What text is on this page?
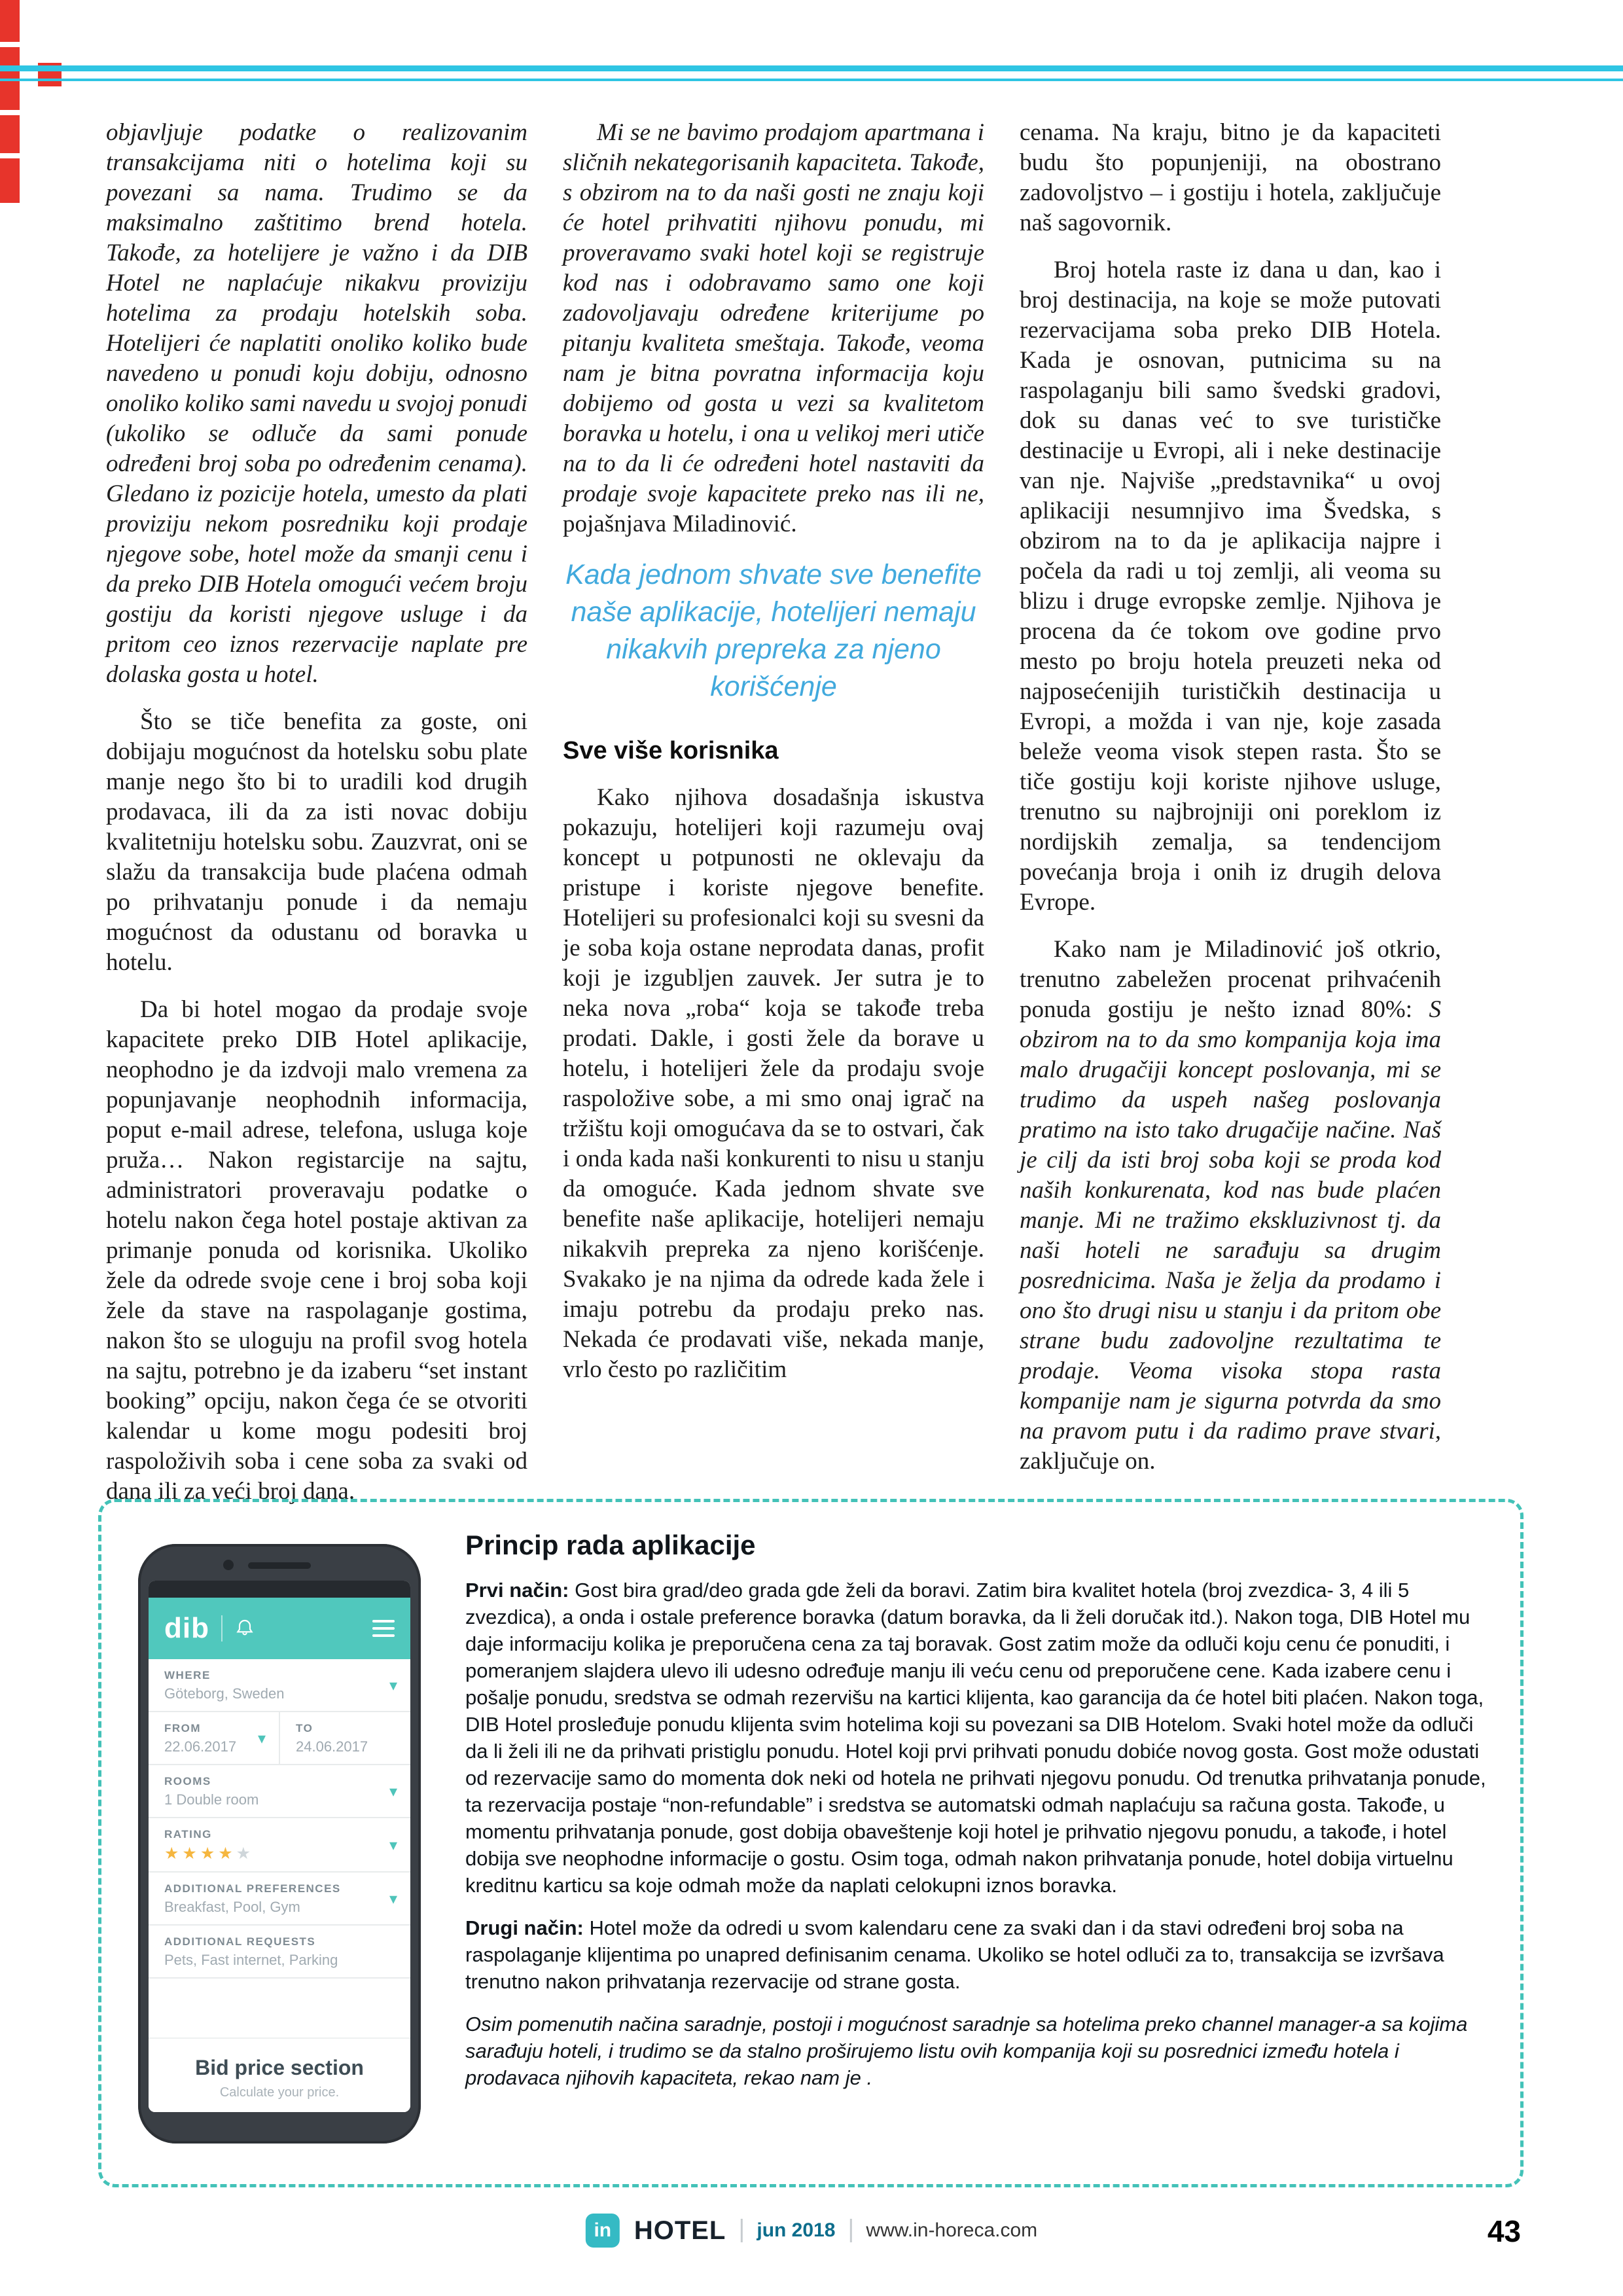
objavljuje podatke o realizovanim transakcijama niti o hotelima koji su povezani sa nama. Trudimo se da maksimalno zaštitimo brend hotela. Takođe, za hotelijere je važno i da DIB Hotel ne naplaćuje nikakvu proviziju hotelima za prodaju hotelskih soba. Hotelijeri će naplatiti onoliko koliko bude navedeno u ponudi koju dobiju, odnosno onoliko koliko sami navedu u svojoj ponudi (ukoliko se odluče da sami ponude određeni broj soba po određenim cenama). Gledano iz pozicije hotela, umesto da plati proviziju nekom posredniku koji prodaje njegove sobe, hotel može da smanji cenu i da preko DIB Hotela omogući većem broju gostiju da koristi njegove usluge i da pritom ceo iznos rezervacije naplate pre dolaska gosta u hotel.

Što se tiče benefita za goste, oni dobijaju mogućnost da hotelsku sobu plate manje nego što bi to uradili kod drugih prodavaca, ili da za isti novac dobiju kvalitetniju hotelsku sobu. Zauzvrat, oni se slažu da transakcija bude plaćena odmah po prihvatanju ponude i da nemaju mogućnost da odustanu od boravka u hotelu.

Da bi hotel mogao da prodaje svoje kapacitete preko DIB Hotel aplikacije, neophodno je da izdvoji malo vremena za popunjavanje neophodnih informacija, poput e-mail adrese, telefona, usluga koje pruža… Nakon registarcije na sajtu, administratori proveravaju podatke o hotelu nakon čega hotel postaje aktivan za primanje ponuda od korisnika. Ukoliko žele da odrede svoje cene i broj soba koji žele da stave na raspolaganje gostima, nakon što se uloguju na profil svog hotela na sajtu, potrebno je da izaberu “set instant booking” opciju, nakon čega će se otvoriti kalendar u kome mogu podesiti broj raspoloživih soba i cene soba za svaki od dana ili za veći broj dana.

Mi se ne bavimo prodajom apartmana i sličnih nekategorisanih kapaciteta. Takođe, s obzirom na to da naši gosti ne znaju koji će hotel prihvatiti njihovu ponudu, mi proveravamo svaki hotel koji se registruje kod nas i odobravamo samo one koji zadovoljavaju određene kriterijume po pitanju kvaliteta smeštaja. Takođe, veoma nam je bitna povratna informacija koju dobijemo od gosta u vezi sa kvalitetom boravka u hotelu, i ona u velikoj meri utiče na to da li će određeni hotel nastaviti da prodaje svoje kapacitete preko nas ili ne, pojašnjava Miladinović.

Kada jednom shvate sve benefite naše aplikacije, hotelijeri nemaju nikakvih prepreka za njeno korišćenje
Sve više korisnika

Kako njihova dosadašnja iskustva pokazuju, hotelijeri koji razumeju ovaj koncept u potpunosti ne oklevaju da pristupe i koriste njegove benefite. Hotelijeri su profesionalci koji su svesni da je soba koja ostane neprodata danas, profit koji je izgubljen zauvek. Jer sutra je to neka nova „roba“ koja se takođe treba prodati. Dakle, i gosti žele da borave u hotelu, i hotelijeri žele da prodaju svoje raspoložive sobe, a mi smo onaj igrač na tržištu koji omogućava da se to ostvari, čak i onda kada naši konkurenti to nisu u stanju da omoguće. Kada jednom shvate sve benefite naše aplikacije, hotelijeri nemaju nikakvih prepreka za njeno korišćenje. Svakako je na njima da odrede kada žele i imaju potrebu da prodaju preko nas. Nekada će prodavati više, nekada manje, vrlo često po različitim

cenama. Na kraju, bitno je da kapaciteti budu što popunjeniji, na obostrano zadovoljstvo – i gostiju i hotela, zaključuje naš sagovornik.

Broj hotela raste iz dana u dan, kao i broj destinacija, na koje se može putovati rezervacijama soba preko DIB Hotela. Kada je osnovan, putnicima su na raspolaganju bili samo švedski gradovi, dok su danas već to sve turističke destinacije u Evropi, ali i neke destinacije van nje. Najviše „predstavnika“ u ovoj aplikaciji nesumnjivo ima Švedska, s obzirom na to da je aplikacija najpre i počela da radi u toj zemlji, ali veoma su blizu i druge evropske zemlje. Njihova je procena da će tokom ove godine prvo mesto po broju hotela preuzeti neka od najposećenijih turističkih destinacija u Evropi, a možda i van nje, koje zasada beleže veoma visok stepen rasta. Što se tiče gostiju koji koriste njihove usluge, trenutno su najbrojniji oni poreklom iz nordijskih zemalja, sa tendencijom povećanja broja i onih iz drugih delova Evrope.

Kako nam je Miladinović još otkrio, trenutno zabeležen procenat prihvaćenih ponuda gostiju je nešto iznad 80%: S obzirom na to da smo kompanija koja ima malo drugačiji koncept poslovanja, mi se trudimo da uspeh našeg poslovanja pratimo na isto tako drugačije načine. Naš je cilj da isti broj soba koji se proda kod naših konkurenata, kod nas bude plaćen manje. Mi ne tražimo ekskluzivnost tj. da naši hoteli ne sarađuju sa drugim posrednicima. Naša je želja da prodamo i ono što drugi nisu u stanju i da pritom obe strane budu zadovoljne rezultatima te prodaje. Veoma visoka stopa rasta kompanije nam je sigurna potvrda da smo na pravom putu i da radimo prave stvari, zaključuje on.

dib
WHERE
Göteborg, Sweden	▾
FROM
22.06.2017	▾
TO
24.06.2017
ROOMS
1 Double room	▾
RATING
★★★★★	▾
ADDITIONAL PREFERENCES
Breakfast, Pool, Gym	▾
ADDITIONAL REQUESTS
Pets, Fast internet, Parking
Bid price section
Calculate your price.
Princip rada aplikacije

Prvi način: Gost bira grad/deo grada gde želi da boravi. Zatim bira kvalitet hotela (broj zvezdica- 3, 4 ili 5 zvezdica), a onda i ostale preference boravka (datum boravka, da li želi doručak itd.). Nakon toga, DIB Hotel mu daje informaciju kolika je preporučena cena za taj boravak. Gost zatim može da odluči koju cenu će ponuditi, i pomeranjem slajdera ulevo ili udesno određuje manju ili veću cenu od preporučene cene. Kada izabere cenu i pošalje ponudu, sredstva se odmah rezervišu na kartici klijenta, kao garancija da će hotel biti plaćen. Nakon toga, DIB Hotel prosleđuje ponudu klijenta svim hotelima koji su povezani sa DIB Hotelom. Svaki hotel može da odluči da li želi ili ne da prihvati pristiglu ponudu. Hotel koji prvi prihvati ponudu dobiće novog gosta. Gost može odustati od rezervacije samo do momenta dok neki od hotela ne prihvati njegovu ponudu. Od trenutka prihvatanja ponude, ta rezervacija postaje “non-refundable” i sredstva se automatski odmah naplaćuju sa računa gosta. Takođe, u momentu prihvatanja ponude, gost dobija obaveštenje koji hotel je prihvatio njegovu ponudu, a takođe, i hotel dobija sve neophodne informacije o gostu. Osim toga, odmah nakon prihvatanja ponude, hotel dobija virtuelnu kreditnu karticu sa koje odmah može da naplati celokupni iznos boravka.

Drugi način: Hotel može da odredi u svom kalendaru cene za svaki dan i da stavi određeni broj soba na raspolaganje klijentima po unapred definisanim cenama. Ukoliko se hotel odluči za to, transakcija se izvršava trenutno nakon prihvatanja rezervacije od strane gosta.

Osim pomenutih načina saradnje, postoji i mogućnost saradnje sa hotelima preko channel manager-a sa kojima sarađuju hoteli, i trudimo se da stalno proširujemo listu ovih kompanija koji su posrednici između hotela i prodavaca njihovih kapaciteta, rekao nam je .

in HOTEL jun 2018 www.in-horeca.com	43
